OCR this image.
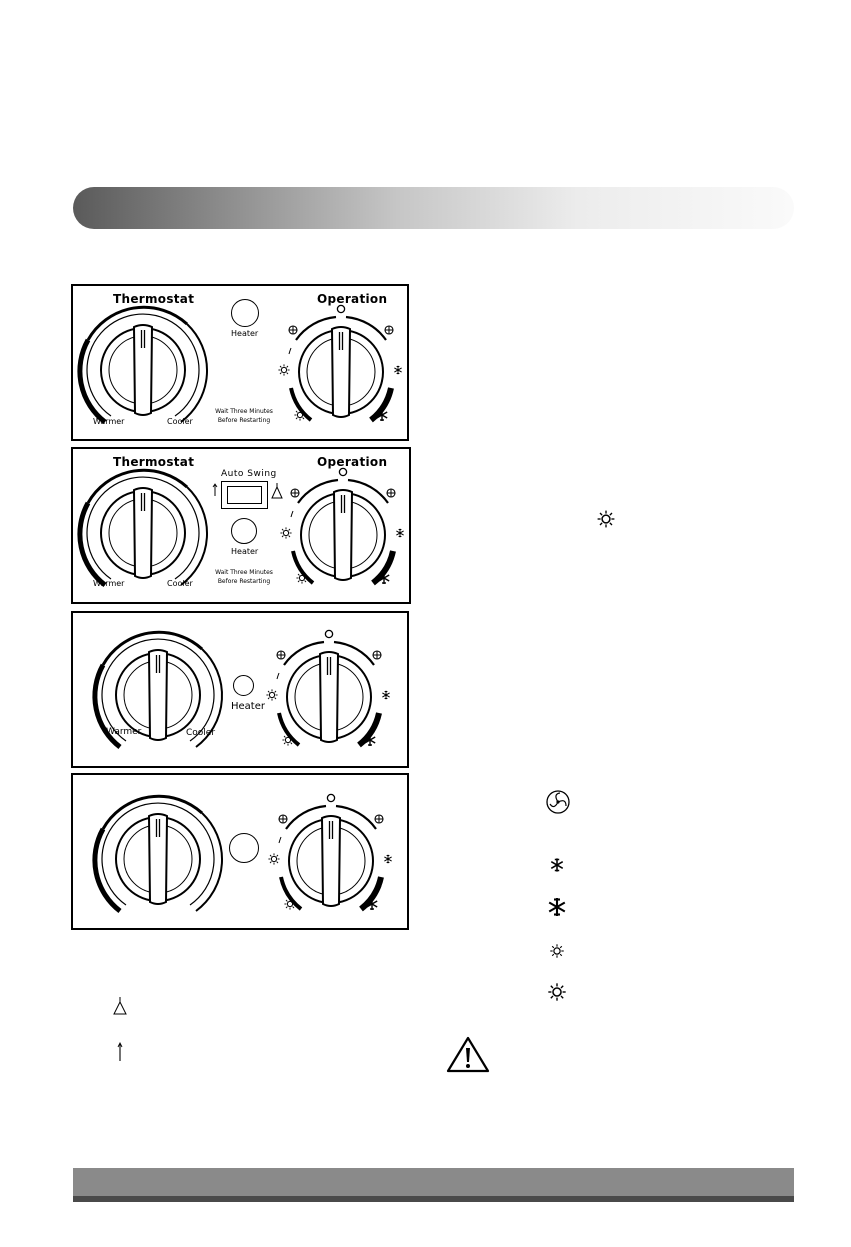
Thermostat	Operation
Heater
Warmer	Cooler
Wait Three Minutes
Before Restarting
Thermostat	Operation
Auto Swing
Heater
Warmer	Cooler
Wait Three Minutes
Before Restarting
Heater
Warmer	Cooler
